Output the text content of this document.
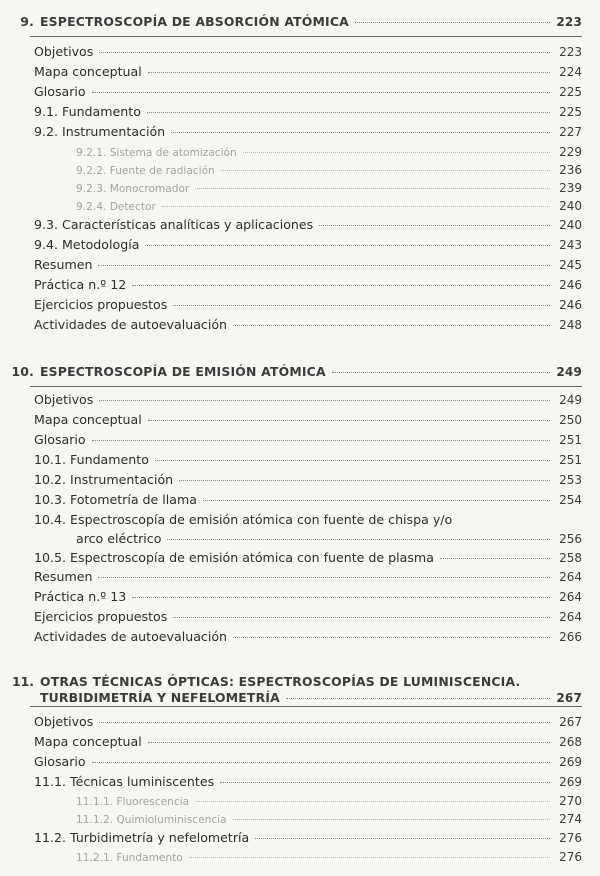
9. ESPECTROSCOPÍA DE ABSORCIÓN ATÓMICA	223
Objetivos	223
Mapa conceptual	224
Glosario	225
9.1. Fundamento	225
9.2. Instrumentación	227
9.2.1. Sistema de atomización	229
9.2.2. Fuente de radiación	236
9.2.3. Monocromador	239
9.2.4. Detector	240
9.3. Características analíticas y aplicaciones	240
9.4. Metodología	243
Resumen	245
Práctica n.º 12	246
Ejercicios propuestos	246
Actividades de autoevaluación	248
10. ESPECTROSCOPÍA DE EMISIÓN ATÓMICA	249
Objetivos	249
Mapa conceptual	250
Glosario	251
10.1. Fundamento	251
10.2. Instrumentación	253
10.3. Fotometría de llama	254
10.4. Espectroscopía de emisión atómica con fuente de chispa y/o
arco eléctrico	256
10.5. Espectroscopía de emisión atómica con fuente de plasma	258
Resumen	264
Práctica n.º 13	264
Ejercicios propuestos	264
Actividades de autoevaluación	266
11. OTRAS TÉCNICAS ÓPTICAS: ESPECTROSCOPÍAS DE LUMINISCENCIA.
TURBIDIMETRÍA Y NEFELOMETRÍA	267
Objetivos	267
Mapa conceptual	268
Glosario	269
11.1. Técnicas luminiscentes	269
11.1.1. Fluorescencia	270
11.1.2. Quimioluminiscencia	274
11.2. Turbidimetría y nefelometría	276
11.2.1. Fundamento	276
